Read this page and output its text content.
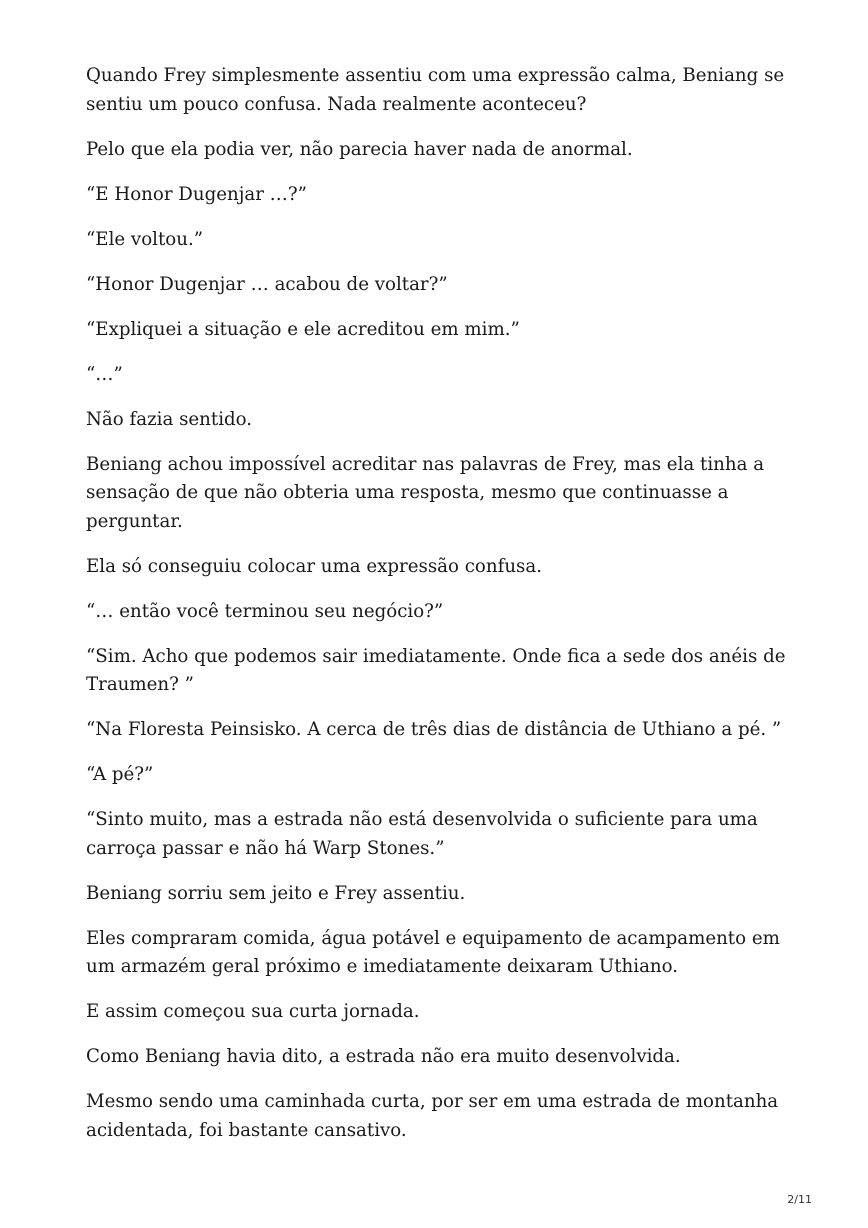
Quando Frey simplesmente assentiu com uma expressão calma, Beniang se sentiu um pouco confusa. Nada realmente aconteceu?

Pelo que ela podia ver, não parecia haver nada de anormal.

“E Honor Dugenjar …?”

“Ele voltou.”

“Honor Dugenjar … acabou de voltar?”

“Expliquei a situação e ele acreditou em mim.”

“…”

Não fazia sentido.

Beniang achou impossível acreditar nas palavras de Frey, mas ela tinha a sensação de que não obteria uma resposta, mesmo que continuasse a perguntar.

Ela só conseguiu colocar uma expressão confusa.

“… então você terminou seu negócio?”

“Sim. Acho que podemos sair imediatamente. Onde fica a sede dos anéis de Traumen? ”

“Na Floresta Peinsisko. A cerca de três dias de distância de Uthiano a pé. ”

“A pé?”

“Sinto muito, mas a estrada não está desenvolvida o suficiente para uma carroça passar e não há Warp Stones.”

Beniang sorriu sem jeito e Frey assentiu.

Eles compraram comida, água potável e equipamento de acampamento em um armazém geral próximo e imediatamente deixaram Uthiano.

E assim começou sua curta jornada.

Como Beniang havia dito, a estrada não era muito desenvolvida.

Mesmo sendo uma caminhada curta, por ser em uma estrada de montanha acidentada, foi bastante cansativo.

2/11
